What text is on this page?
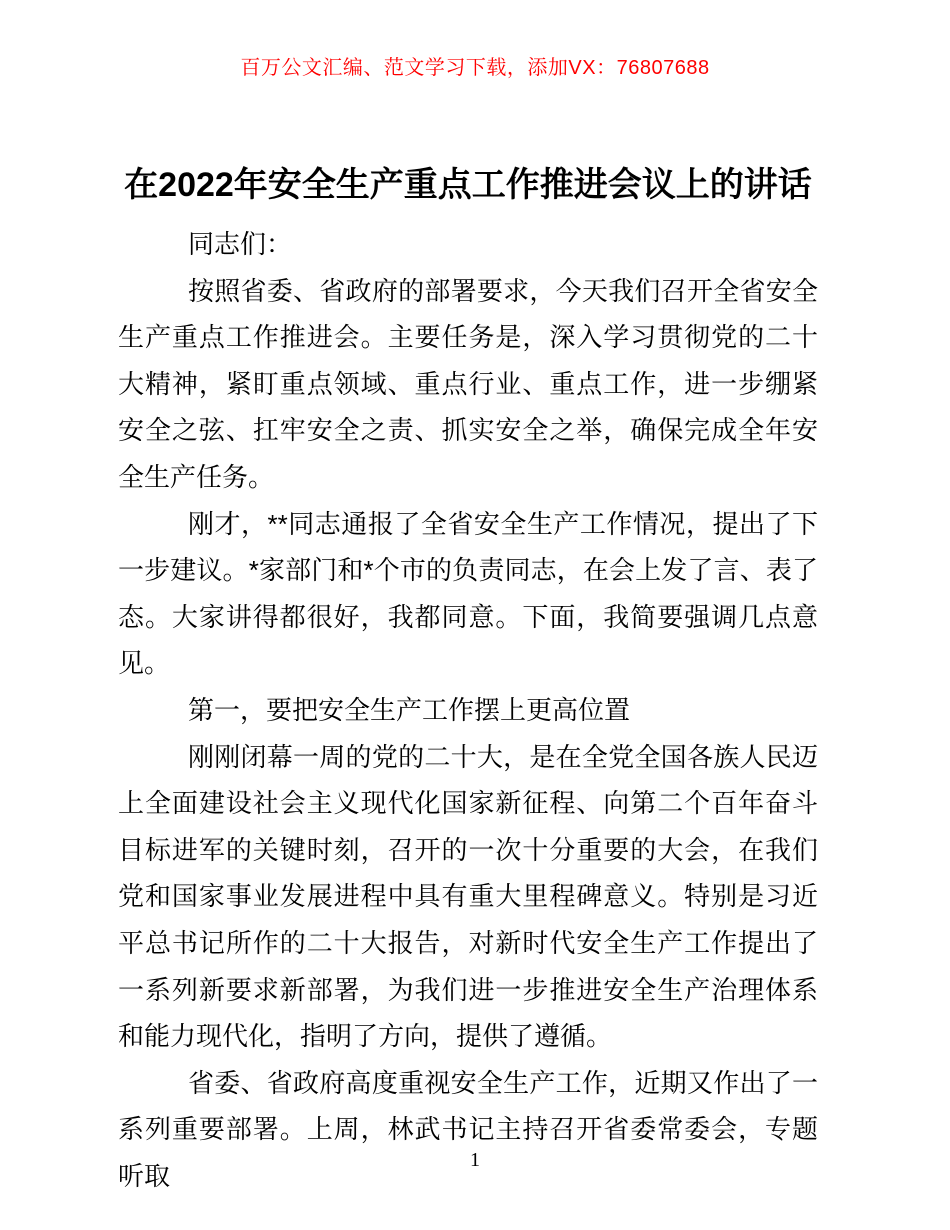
百万公文汇编、范文学习下载，添加VX：76807688
在2022年安全生产重点工作推进会议上的讲话

同志们：

按照省委、省政府的部署要求，今天我们召开全省安全生产重点工作推进会。主要任务是，深入学习贯彻党的二十大精神，紧盯重点领域、重点行业、重点工作，进一步绷紧安全之弦、扛牢安全之责、抓实安全之举，确保完成全年安全生产任务。

刚才，**同志通报了全省安全生产工作情况，提出了下一步建议。*家部门和*个市的负责同志，在会上发了言、表了态。大家讲得都很好，我都同意。下面，我简要强调几点意见。

第一，要把安全生产工作摆上更高位置

刚刚闭幕一周的党的二十大，是在全党全国各族人民迈上全面建设社会主义现代化国家新征程、向第二个百年奋斗目标进军的关键时刻，召开的一次十分重要的大会，在我们党和国家事业发展进程中具有重大里程碑意义。特别是习近平总书记所作的二十大报告，对新时代安全生产工作提出了一系列新要求新部署，为我们进一步推进安全生产治理体系和能力现代化，指明了方向，提供了遵循。

省委、省政府高度重视安全生产工作，近期又作出了一系列重要部署。上周，林武书记主持召开省委常委会，专题听取

1
